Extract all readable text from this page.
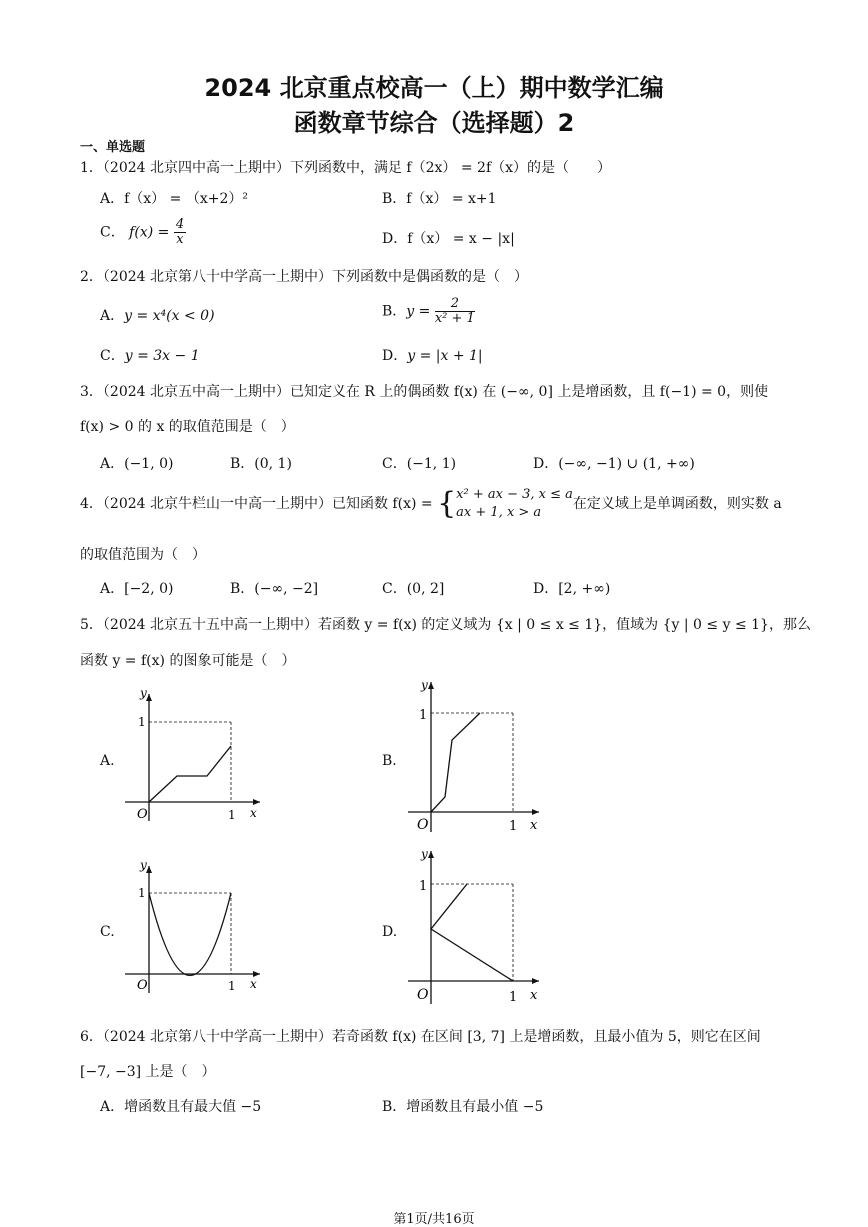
2024 北京重点校高一（上）期中数学汇编
函数章节综合（选择题）2
一、单选题
1．（2024 北京四中高一上期中）下列函数中，满足 f（2x） = 2f（x）的是（　　）
A．f（x） = （x+2）²	B．f（x） = x+1
C． $f(x) = \frac{4}{x}$	D．f（x） = x − |x|
2．（2024 北京第八十中学高一上期中）下列函数中是偶函数的是（　）
A．y = x⁴(x < 0)	B．$y = \frac{2}{\text{x² + 1}}$
C．y = 3x − 1	D．y = |x + 1|
3．（2024 北京五中高一上期中）已知定义在 R 上的偶函数 f(x) 在 (−∞, 0] 上是增函数，且 f(−1) = 0，则使
f(x) > 0 的 x 的取值范围是（　）
A．(−1, 0)	B．(0, 1)	C．(−1, 1)	D．(−∞, −1) ∪ (1, +∞)
4．（2024 北京牛栏山一中高一上期中）已知函数 f(x) = {x² + ax − 3, x ≤ a
ax + 1, x > a在定义域上是单调函数，则实数 a
的取值范围为（　）
A．[−2, 0)	B．(−∞, −2]	C．(0, 2]	D．[2, +∞)
5．（2024 北京五十五中高一上期中）若函数 y = f(x) 的定义域为 {x | 0 ≤ x ≤ 1}，值域为 {y | 0 ≤ y ≤ 1}，那么
函数 y = f(x) 的图象可能是（　）
A.
y
1
O	1 x
B.
y
1
O	1 x
C.
y
1
O	1 x
D.
y
1
O	1 x
6．（2024 北京第八十中学高一上期中）若奇函数 f(x) 在区间 [3, 7] 上是增函数，且最小值为 5，则它在区间
[−7, −3] 上是（　）
A．增函数且有最大值 −5	B．增函数且有最小值 −5
第1页/共16页
